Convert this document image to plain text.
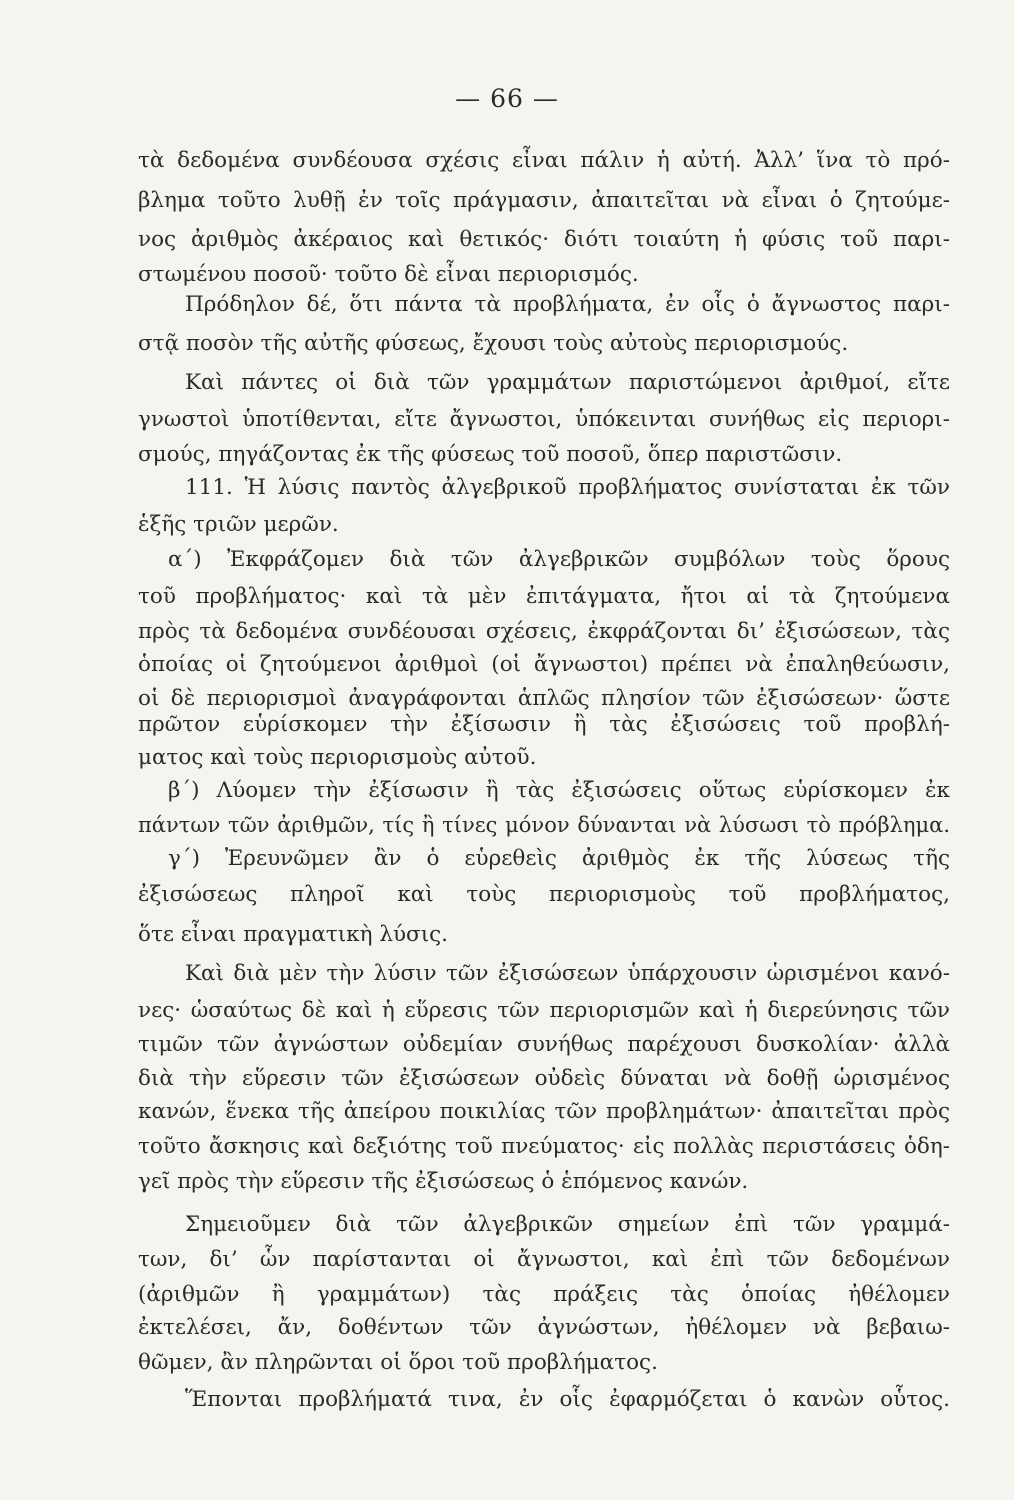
— 66 —
τὰ δεδομένα συνδέουσα σχέσις εἶναι πάλιν ἡ αὐτή. Ἀλλ’ ἵνα τὸ πρό-
βλημα τοῦτο λυθῇ ἐν τοῖς πράγμασιν, ἀπαιτεῖται νὰ εἶναι ὁ ζητούμε-
νος ἀριθμὸς ἀκέραιος καὶ θετικός· διότι τοιαύτη ἡ φύσις τοῦ παρι-
στωμένου ποσοῦ· τοῦτο δὲ εἶναι περιορισμός.
Πρόδηλον δέ, ὅτι πάντα τὰ προβλήματα, ἐν οἷς ὁ ἄγνωστος παρι-
στᾷ ποσὸν τῆς αὐτῆς φύσεως, ἔχουσι τοὺς αὐτοὺς περιορισμούς.
Καὶ πάντες οἱ διὰ τῶν γραμμάτων παριστώμενοι ἀριθμοί, εἴτε
γνωστοὶ ὑποτίθενται, εἴτε ἄγνωστοι, ὑπόκεινται συνήθως εἰς περιορι-
σμούς, πηγάζοντας ἐκ τῆς φύσεως τοῦ ποσοῦ, ὅπερ παριστῶσιν.
111. Ἡ λύσις παντὸς ἀλγεβρικοῦ προβλήματος συνίσταται ἐκ τῶν
ἑξῆς τριῶν μερῶν.
α΄) Ἐκφράζομεν διὰ τῶν ἀλγεβρικῶν συμβόλων τοὺς ὅρους
τοῦ προβλήματος· καὶ τὰ μὲν ἐπιτάγματα, ἤτοι αἱ τὰ ζητούμενα
πρὸς τὰ δεδομένα συνδέουσαι σχέσεις, ἐκφράζονται δι’ ἐξισώσεων, τὰς
ὁποίας οἱ ζητούμενοι ἀριθμοὶ (οἱ ἄγνωστοι) πρέπει νὰ ἐπαληθεύωσιν,
οἱ δὲ περιορισμοὶ ἀναγράφονται ἁπλῶς πλησίον τῶν ἐξισώσεων· ὥστε
πρῶτον εὑρίσκομεν τὴν ἐξίσωσιν ἢ τὰς ἐξισώσεις τοῦ προβλή-
ματος καὶ τοὺς περιορισμοὺς αὐτοῦ.
β΄) Λύομεν τὴν ἐξίσωσιν ἢ τὰς ἐξισώσεις οὕτως εὑρίσκομεν ἐκ
πάντων τῶν ἀριθμῶν, τίς ἢ τίνες μόνον δύνανται νὰ λύσωσι τὸ πρόβλημα.
γ΄) Ἐρευνῶμεν ἂν ὁ εὑρεθεὶς ἀριθμὸς ἐκ τῆς λύσεως τῆς
ἐξισώσεως πληροῖ καὶ τοὺς περιορισμοὺς τοῦ προβλήματος,
ὅτε εἶναι πραγματικὴ λύσις.
Καὶ διὰ μὲν τὴν λύσιν τῶν ἐξισώσεων ὑπάρχουσιν ὡρισμένοι κανό-
νες· ὡσαύτως δὲ καὶ ἡ εὕρεσις τῶν περιορισμῶν καὶ ἡ διερεύνησις τῶν
τιμῶν τῶν ἀγνώστων οὐδεμίαν συνήθως παρέχουσι δυσκολίαν· ἀλλὰ
διὰ τὴν εὕρεσιν τῶν ἐξισώσεων οὐδεὶς δύναται νὰ δοθῇ ὡρισμένος
κανών, ἕνεκα τῆς ἀπείρου ποικιλίας τῶν προβλημάτων· ἀπαιτεῖται πρὸς
τοῦτο ἄσκησις καὶ δεξιότης τοῦ πνεύματος· εἰς πολλὰς περιστάσεις ὁδη-
γεῖ πρὸς τὴν εὕρεσιν τῆς ἐξισώσεως ὁ ἑπόμενος κανών.
Σημειοῦμεν διὰ τῶν ἀλγεβρικῶν σημείων ἐπὶ τῶν γραμμά-
των, δι’ ὧν παρίστανται οἱ ἄγνωστοι, καὶ ἐπὶ τῶν δεδομένων
(ἀριθμῶν ἢ γραμμάτων) τὰς πράξεις τὰς ὁποίας ἠθέλομεν
ἐκτελέσει, ἄν, δοθέντων τῶν ἀγνώστων, ἠθέλομεν νὰ βεβαιω-
θῶμεν, ἂν πληρῶνται οἱ ὅροι τοῦ προβλήματος.
Ἕπονται προβλήματά τινα, ἐν οἷς ἐφαρμόζεται ὁ κανὼν οὗτος.
